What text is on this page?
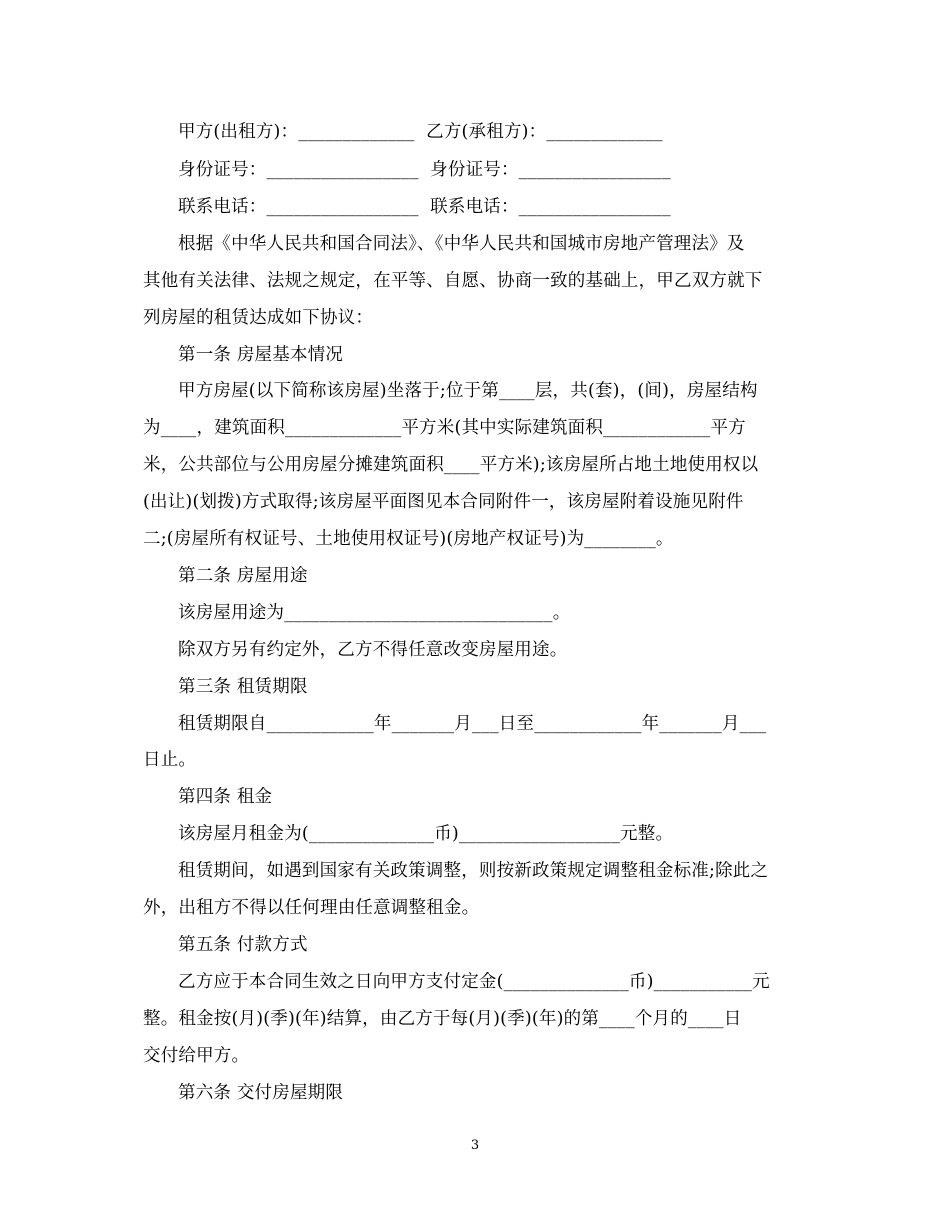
甲方(出租方)：_____________  乙方(承租方)：_____________
身份证号：_________________  身份证号：_________________
联系电话：_________________  联系电话：_________________
根据《中华人民共和国合同法》、《中华人民共和国城市房地产管理法》及
其他有关法律、法规之规定，在平等、自愿、协商一致的基础上，甲乙双方就下
列房屋的租赁达成如下协议：
第一条 房屋基本情况
甲方房屋(以下简称该房屋)坐落于;位于第____层，共(套)，(间)，房屋结构
为____，建筑面积_____________平方米(其中实际建筑面积____________平方
米，公共部位与公用房屋分摊建筑面积____平方米);该房屋所占地土地使用权以
(出让)(划拨)方式取得;该房屋平面图见本合同附件一，该房屋附着设施见附件
二;(房屋所有权证号、土地使用权证号)(房地产权证号)为________。
第二条 房屋用途
该房屋用途为______________________________。
除双方另有约定外，乙方不得任意改变房屋用途。
第三条 租赁期限
租赁期限自____________年_______月___日至____________年_______月___
日止。
第四条 租金
该房屋月租金为(______________币)__________________元整。
租赁期间，如遇到国家有关政策调整，则按新政策规定调整租金标准;除此之
外，出租方不得以任何理由任意调整租金。
第五条 付款方式
乙方应于本合同生效之日向甲方支付定金(______________币)___________元
整。租金按(月)(季)(年)结算，由乙方于每(月)(季)(年)的第____个月的____日
交付给甲方。
第六条 交付房屋期限
3
